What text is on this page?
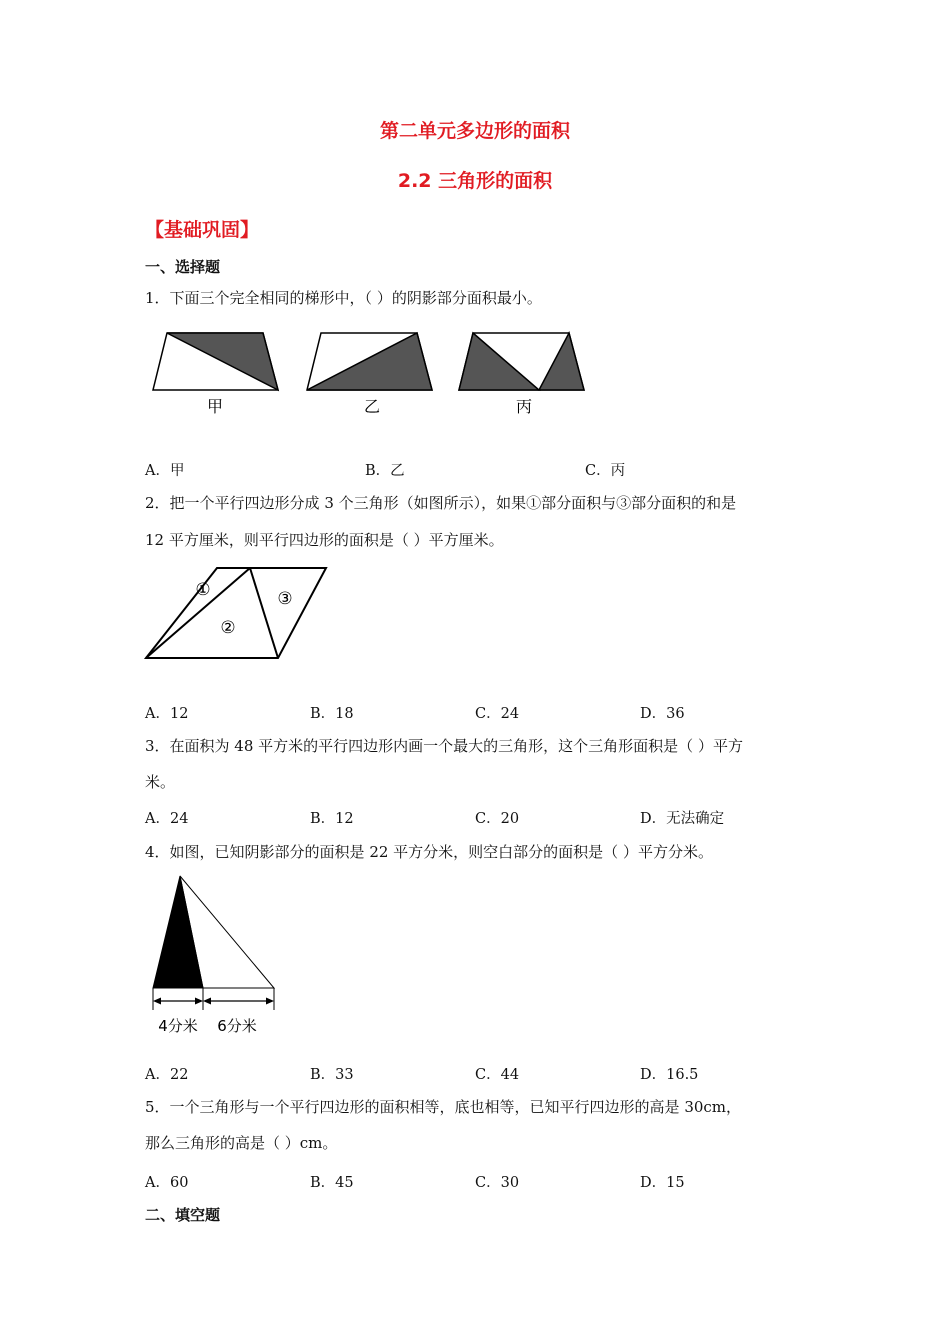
第二单元多边形的面积
2.2 三角形的面积
【基础巩固】
一、选择题
1．下面三个完全相同的梯形中，（ ）的阴影部分面积最小。
甲	乙	丙
A．甲	B．乙	C．丙
2．把一个平行四边形分成 3 个三角形（如图所示），如果①部分面积与③部分面积的和是
12 平方厘米，则平行四边形的面积是（ ）平方厘米。
①
②
③
A．12	B．18	C．24	D．36
3．在面积为 48 平方米的平行四边形内画一个最大的三角形，这个三角形面积是（ ）平方
米。
A．24	B．12	C．20	D．无法确定
4．如图，已知阴影部分的面积是 22 平方分米，则空白部分的面积是（ ）平方分米。
4分米 6分米
A．22	B．33	C．44	D．16.5
5．一个三角形与一个平行四边形的面积相等，底也相等，已知平行四边形的高是 30cm，
那么三角形的高是（ ）cm。
A．60	B．45	C．30	D．15
二、填空题
